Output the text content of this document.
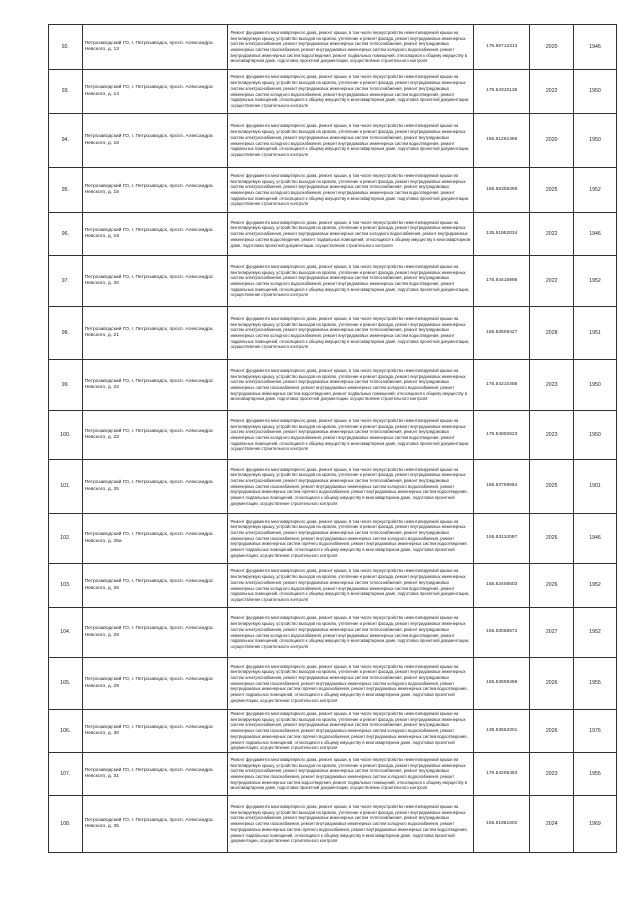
92.	Петрозаводский ГО, г. Петрозаводск, просп. Александра Невского, д. 13	Ремонт фундамента многоквартирного дома, ремонт крыши, в том числе переустройство невентилируемой крыши на вентилируемую крышу, устройство выходов на кровлю, утепление и ремонт фасада, ремонт внутридомовых инженерных систем электроснабжения, ремонт внутридомовых инженерных систем теплоснабжения, ремонт внутридомовых инженерных систем газоснабжения, ремонт внутридомовых инженерных систем холодного водоснабжения, ремонт внутридомовых инженерных систем водоотведения, ремонт подвальных помещений, относящихся к общему имуществу в многоквартирном доме, подготовка проектной документации, осуществление строительного контроля	175.55712313	2020	1946
93.	Петрозаводский ГО, г. Петрозаводск, просп. Александра Невского, д. 14	Ремонт фундамента многоквартирного дома, ремонт крыши, в том числе переустройство невентилируемой крыши на вентилируемую крышу, устройство выходов на кровлю, утепление и ремонт фасада, ремонт внутридомовых инженерных систем электроснабжения, ремонт внутридомовых инженерных систем теплоснабжения, ремонт внутридомовых инженерных систем холодного водоснабжения, ремонт внутридомовых инженерных систем водоотведения, ремонт подвальных помещений, относящихся к общему имуществу в многоквартирном доме, подготовка проектной документации, осуществление строительного контроля	175.54310135	2022	1950
94.	Петрозаводский ГО, г. Петрозаводск, просп. Александра Невского, д. 16	Ремонт фундамента многоквартирного дома, ремонт крыши, в том числе переустройство невентилируемой крыши на вентилируемую крышу, устройство выходов на кровлю, утепление и ремонт фасада, ремонт внутридомовых инженерных систем электроснабжения, ремонт внутридомовых инженерных систем теплоснабжения, ремонт внутридомовых инженерных систем холодного водоснабжения, ремонт внутридомовых инженерных систем водоотведения, ремонт подвальных помещений, относящихся к общему имуществу в многоквартирном доме, подготовка проектной документации, осуществление строительного контроля	155.51261469	2020	1950
95.	Петрозаводский ГО, г. Петрозаводск, просп. Александра Невского, д. 18	Ремонт фундамента многоквартирного дома, ремонт крыши, в том числе переустройство невентилируемой крыши на вентилируемую крышу, устройство выходов на кровлю, утепление и ремонт фасада, ремонт внутридомовых инженерных систем электроснабжения, ремонт внутридомовых инженерных систем теплоснабжения, ремонт внутридомовых инженерных систем холодного водоснабжения, ремонт внутридомовых инженерных систем водоотведения, ремонт подвальных помещений, относящихся к общему имуществу в многоквартирном доме, подготовка проектной документации, осуществление строительного контроля	155.55308499	2025	1952
96.	Петрозаводский ГО, г. Петрозаводск, просп. Александра Невского, д. 19	Ремонт фундамента многоквартирного дома, ремонт крыши, в том числе переустройство невентилируемой крыши на вентилируемую крышу, устройство выходов на кровлю, утепление и ремонт фасада, ремонт внутридомовых инженерных систем электроснабжения, ремонт внутридомовых инженерных систем холодного водоснабжения, ремонт внутридомовых инженерных систем водоотведения, ремонт подвальных помещений, относящихся к общему имуществу в многоквартирном доме, подготовка проектной документации, осуществление строительного контроля	135.51952034	2022	1946
97.	Петрозаводский ГО, г. Петрозаводск, просп. Александра Невского, д. 20	Ремонт фундамента многоквартирного дома, ремонт крыши, в том числе переустройство невентилируемой крыши на вентилируемую крышу, устройство выходов на кровлю, утепление и ремонт фасада, ремонт внутридомовых инженерных систем электроснабжения, ремонт внутридомовых инженерных систем теплоснабжения, ремонт внутридомовых инженерных систем холодного водоснабжения, ремонт внутридомовых инженерных систем водоотведения, ремонт подвальных помещений, относящихся к общему имуществу в многоквартирном доме, подготовка проектной документации, осуществление строительного контроля	175.54416995	2022	1952
98.	Петрозаводский ГО, г. Петрозаводск, просп. Александра Невского, д. 21	Ремонт фундамента многоквартирного дома, ремонт крыши, в том числе переустройство невентилируемой крыши на вентилируемую крышу, устройство выходов на кровлю, утепление и ремонт фасада, ремонт внутридомовых инженерных систем электроснабжения, ремонт внутридомовых инженерных систем теплоснабжения, ремонт внутридомовых инженерных систем холодного водоснабжения, ремонт внутридомовых инженерных систем водоотведения, ремонт подвальных помещений, относящихся к общему имуществу в многоквартирном доме, подготовка проектной документации, осуществление строительного контроля	155.53509427	2028	1951
99.	Петрозаводский ГО, г. Петрозаводск, просп. Александра Невского, д. 22	Ремонт фундамента многоквартирного дома, ремонт крыши, в том числе переустройство невентилируемой крыши на вентилируемую крышу, устройство выходов на кровлю, утепление и ремонт фасада, ремонт внутридомовых инженерных систем электроснабжения, ремонт внутридомовых инженерных систем теплоснабжения, ремонт внутридомовых инженерных систем газоснабжения, ремонт внутридомовых инженерных систем холодного водоснабжения, ремонт внутридомовых инженерных систем водоотведения, ремонт подвальных помещений, относящихся к общему имуществу в многоквартирном доме, подготовка проектной документации, осуществление строительного контроля	175.54210488	2023	1950
100.	Петрозаводский ГО, г. Петрозаводск, просп. Александра Невского, д. 23	Ремонт фундамента многоквартирного дома, ремонт крыши, в том числе переустройство невентилируемой крыши на вентилируемую крышу, устройство выходов на кровлю, утепление и ремонт фасада, ремонт внутридомовых инженерных систем электроснабжения, ремонт внутридомовых инженерных систем теплоснабжения, ремонт внутридомовых инженерных систем холодного водоснабжения, ремонт внутридомовых инженерных систем водоотведения, ремонт подвальных помещений, относящихся к общему имуществу в многоквартирном доме, подготовка проектной документации, осуществление строительного контроля	175.54902623	2023	1950
101.	Петрозаводский ГО, г. Петрозаводск, просп. Александра Невского, д. 25	Ремонт фундамента многоквартирного дома, ремонт крыши, в том числе переустройство невентилируемой крыши на вентилируемую крышу, устройство выходов на кровлю, утепление и ремонт фасада, ремонт внутридомовых инженерных систем электроснабжения, ремонт внутридомовых инженерных систем теплоснабжения, ремонт внутридомовых инженерных систем газоснабжения, ремонт внутридомовых инженерных систем холодного водоснабжения, ремонт внутридомовых инженерных систем горячего водоснабжения, ремонт внутридомовых инженерных систем водоотведения, ремонт подвальных помещений, относящихся к общему имуществу в многоквартирном доме, подготовка проектной документации, осуществление строительного контроля	155.53759664	2025	1901
102.	Петрозаводский ГО, г. Петрозаводск, просп. Александра Невского, д. 25а	Ремонт фундамента многоквартирного дома, ремонт крыши, в том числе переустройство невентилируемой крыши на вентилируемую крышу, устройство выходов на кровлю, утепление и ремонт фасада, ремонт внутридомовых инженерных систем электроснабжения, ремонт внутридомовых инженерных систем теплоснабжения, ремонт внутридомовых инженерных систем газоснабжения, ремонт внутридомовых инженерных систем холодного водоснабжения, ремонт внутридомовых инженерных систем горячего водоснабжения, ремонт внутридомовых инженерных систем водоотведения, ремонт подвальных помещений, относящихся к общему имуществу в многоквартирном доме, подготовка проектной документации, осуществление строительного контроля	155.53110097	2026	1946
103.	Петрозаводский ГО, г. Петрозаводск, просп. Александра Невского, д. 26	Ремонт фундамента многоквартирного дома, ремонт крыши, в том числе переустройство невентилируемой крыши на вентилируемую крышу, устройство выходов на кровлю, утепление и ремонт фасада, ремонт внутридомовых инженерных систем электроснабжения, ремонт внутридомовых инженерных систем теплоснабжения, ремонт внутридомовых инженерных систем холодного водоснабжения, ремонт внутридомовых инженерных систем водоотведения, ремонт подвальных помещений, относящихся к общему имуществу в многоквартирном доме, подготовка проектной документации, осуществление строительного контроля	155.53406503	2026	1952
104.	Петрозаводский ГО, г. Петрозаводск, просп. Александра Невского, д. 28	Ремонт фундамента многоквартирного дома, ремонт крыши, в том числе переустройство невентилируемой крыши на вентилируемую крышу, устройство выходов на кровлю, утепление и ремонт фасада, ремонт внутридомовых инженерных систем электроснабжения, ремонт внутридомовых инженерных систем теплоснабжения, ремонт внутридомовых инженерных систем холодного водоснабжения, ремонт внутридомовых инженерных систем водоотведения, ремонт подвальных помещений, относящихся к общему имуществу в многоквартирном доме, подготовка проектной документации, осуществление строительного контроля	155.53068572	2027	1952
105.	Петрозаводский ГО, г. Петрозаводск, просп. Александра Невского, д. 29	Ремонт фундамента многоквартирного дома, ремонт крыши, в том числе переустройство невентилируемой крыши на вентилируемую крышу, устройство выходов на кровлю, утепление и ремонт фасада, ремонт внутридомовых инженерных систем электроснабжения, ремонт внутридомовых инженерных систем теплоснабжения, ремонт внутридомовых инженерных систем газоснабжения, ремонт внутридомовых инженерных систем холодного водоснабжения, ремонт внутридомовых инженерных систем горячего водоснабжения, ремонт внутридомовых инженерных систем водоотведения, ремонт подвальных помещений, относящихся к общему имуществу в многоквартирном доме, подготовка проектной документации, осуществление строительного контроля	155.53608496	2026	1955
106.	Петрозаводский ГО, г. Петрозаводск, просп. Александра Невского, д. 30	Ремонт фундамента многоквартирного дома, ремонт крыши, в том числе переустройство невентилируемой крыши на вентилируемую крышу, устройство выходов на кровлю, утепление и ремонт фасада, ремонт внутридомовых инженерных систем электроснабжения, ремонт внутридомовых инженерных систем теплоснабжения, ремонт внутридомовых инженерных систем газоснабжения, ремонт внутридомовых инженерных систем холодного водоснабжения, ремонт внутридомовых инженерных систем горячего водоснабжения, ремонт внутридомовых инженерных систем водоотведения, ремонт подвальных помещений, относящихся к общему имуществу в многоквартирном доме, подготовка проектной документации, осуществление строительного контроля	135.53663301	2026	1976
107.	Петрозаводский ГО, г. Петрозаводск, просп. Александра Невского, д. 31	Ремонт фундамента многоквартирного дома, ремонт крыши, в том числе переустройство невентилируемой крыши на вентилируемую крышу, устройство выходов на кровлю, утепление и ремонт фасада, ремонт внутридомовых инженерных систем электроснабжения, ремонт внутридомовых инженерных систем теплоснабжения, ремонт внутридомовых инженерных систем газоснабжения, ремонт внутридомовых инженерных систем холодного водоснабжения, ремонт внутридомовых инженерных систем водоотведения, ремонт подвальных помещений, относящихся к общему имуществу в многоквартирном доме, подготовка проектной документации, осуществление строительного контроля	175.54205483	2023	1955
108.	Петрозаводский ГО, г. Петрозаводск, просп. Александра Невского, д. 35	Ремонт фундамента многоквартирного дома, ремонт крыши, в том числе переустройство невентилируемой крыши на вентилируемую крышу, устройство выходов на кровлю, утепление и ремонт фасада, ремонт внутридомовых инженерных систем электроснабжения, ремонт внутридомовых инженерных систем теплоснабжения, ремонт внутридомовых инженерных систем газоснабжения, ремонт внутридомовых инженерных систем холодного водоснабжения, ремонт внутридомовых инженерных систем горячего водоснабжения, ремонт внутридомовых инженерных систем водоотведения, ремонт подвальных помещений, относящихся к общему имуществу в многоквартирном доме, подготовка проектной документации, осуществление строительного контроля	155.51981602	2024	1969
